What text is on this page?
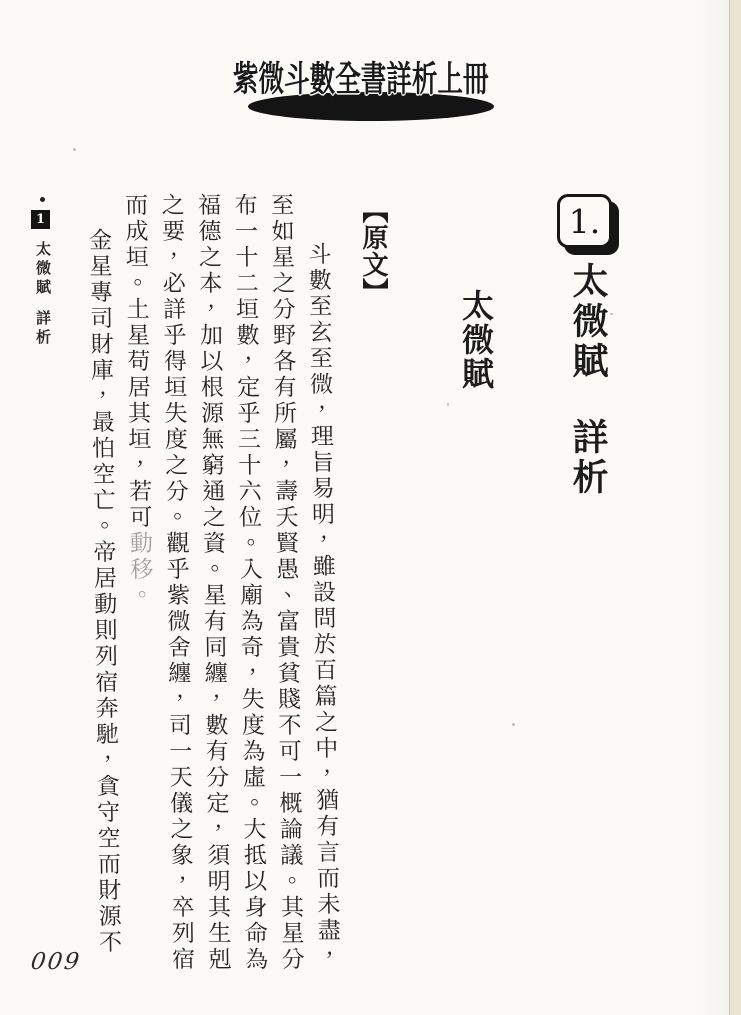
紫微斗數全書詳析上冊
1.
太微賦詳析
太微賦
【原文】

斗數至玄至微，理旨易明，雖設問於百篇之中，猶有言而未盡，

至如星之分野各有所屬，壽夭賢愚、富貴貧賤不可一概論議。其星分

布一十二垣數，定乎三十六位。入廟為奇，失度為虛。大抵以身命為

福德之本，加以根源無窮通之資。星有同纏，數有分定，須明其生剋

之要，必詳乎得垣失度之分。觀乎紫微舍纏，司一天儀之象，卒列宿

而成垣。土星苟居其垣，若可動移。

金星專司財庫，最怕空亡。帝居動則列宿奔馳，貪守空而財源不

1
太微賦詳析
009
